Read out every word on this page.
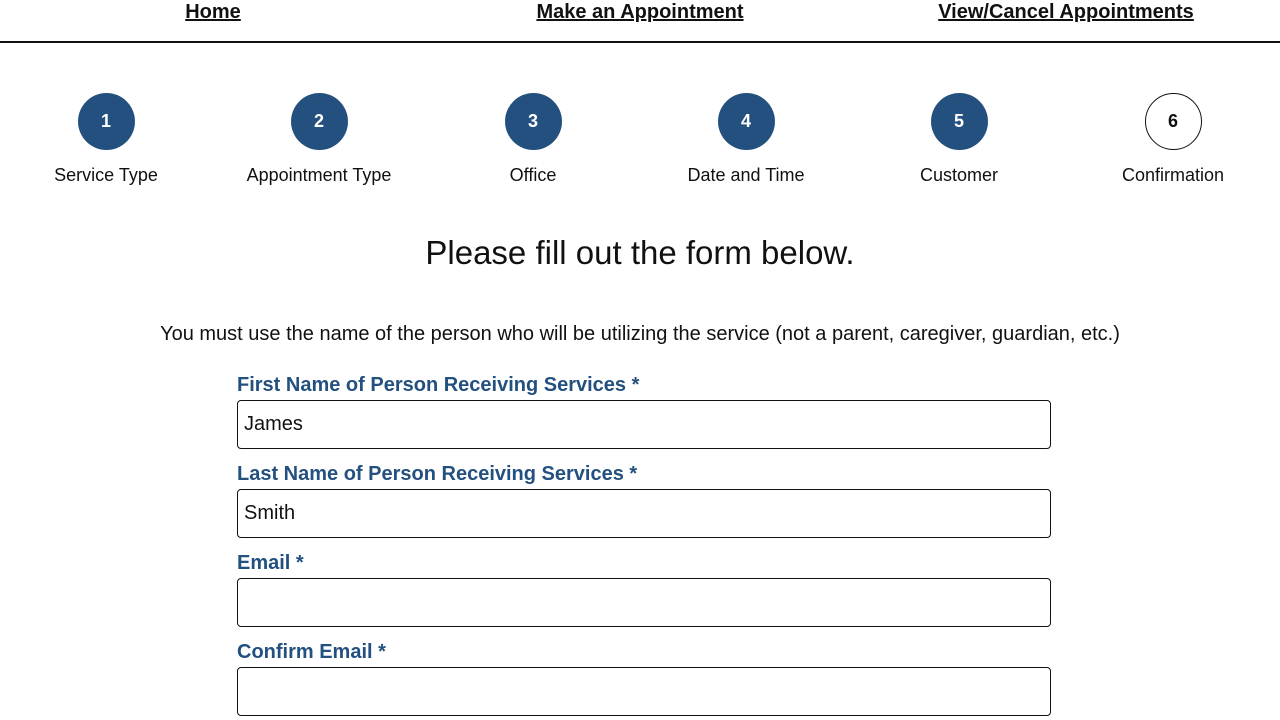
Home	Make an Appointment	View/Cancel Appointments
1
Service Type
2
Appointment Type
3
Office
4
Date and Time
5
Customer
6
Confirmation
Please fill out the form below.
You must use the name of the person who will be utilizing the service (not a parent, caregiver, guardian, etc.)
First Name of Person Receiving Services *
James
Last Name of Person Receiving Services *
Smith
Email *
Confirm Email *
